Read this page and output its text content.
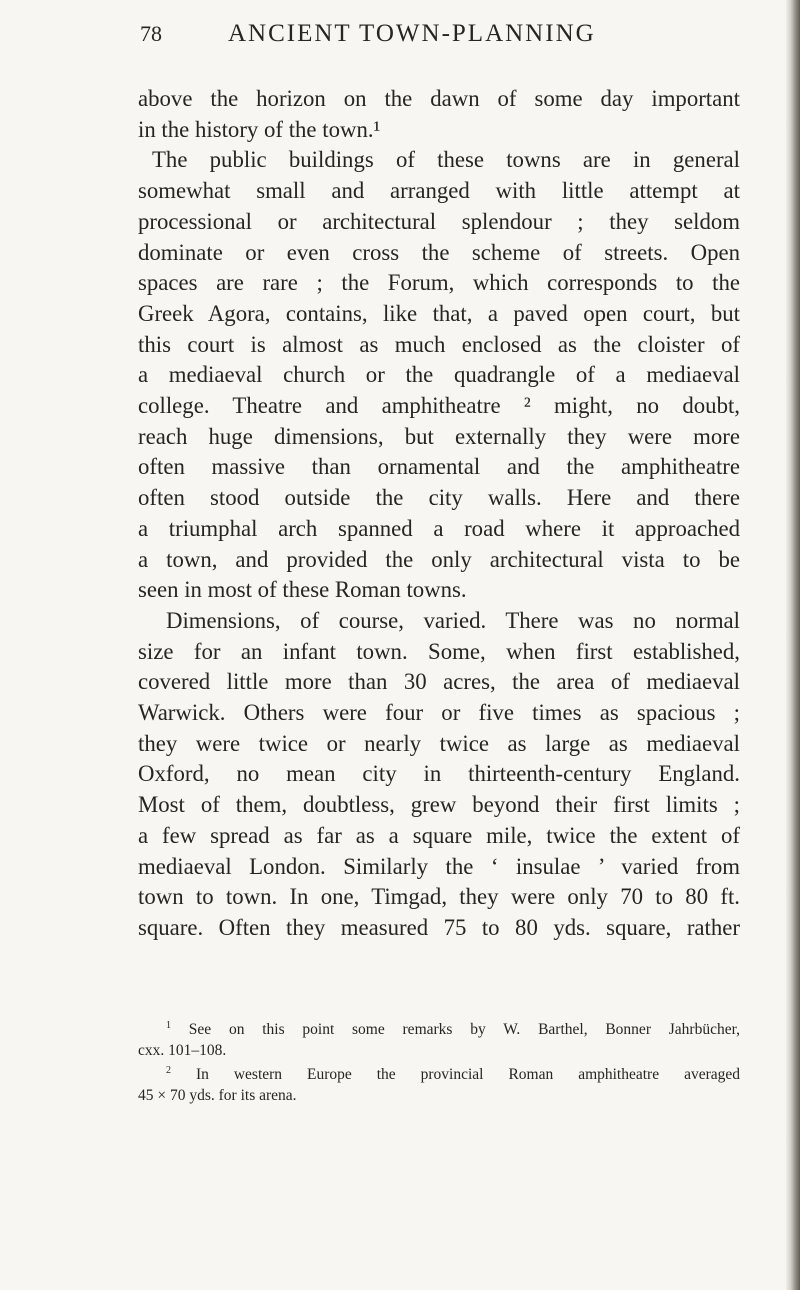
78	ANCIENT TOWN-PLANNING
above the horizon on the dawn of some day important
in the history of the town.¹
The public buildings of these towns are in general
somewhat small and arranged with little attempt at
processional or architectural splendour ; they seldom
dominate or even cross the scheme of streets. Open
spaces are rare ; the Forum, which corresponds to the
Greek Agora, contains, like that, a paved open court, but
this court is almost as much enclosed as the cloister of
a mediaeval church or the quadrangle of a mediaeval
college. Theatre and amphitheatre ² might, no doubt,
reach huge dimensions, but externally they were more
often massive than ornamental and the amphitheatre
often stood outside the city walls. Here and there
a triumphal arch spanned a road where it approached
a town, and provided the only architectural vista to be
seen in most of these Roman towns.
Dimensions, of course, varied. There was no normal
size for an infant town. Some, when first established,
covered little more than 30 acres, the area of mediaeval
Warwick. Others were four or five times as spacious ;
they were twice or nearly twice as large as mediaeval
Oxford, no mean city in thirteenth-century England.
Most of them, doubtless, grew beyond their first limits ;
a few spread as far as a square mile, twice the extent of
mediaeval London. Similarly the ‘ insulae ’ varied from
town to town. In one, Timgad, they were only 70 to 80 ft.
square. Often they measured 75 to 80 yds. square, rather
$^1$ See on this point some remarks by W. Barthel, Bonner Jahrbücher,
cxx. 101–108.
$^2$ In western Europe the provincial Roman amphitheatre averaged
45 × 70 yds. for its arena.
